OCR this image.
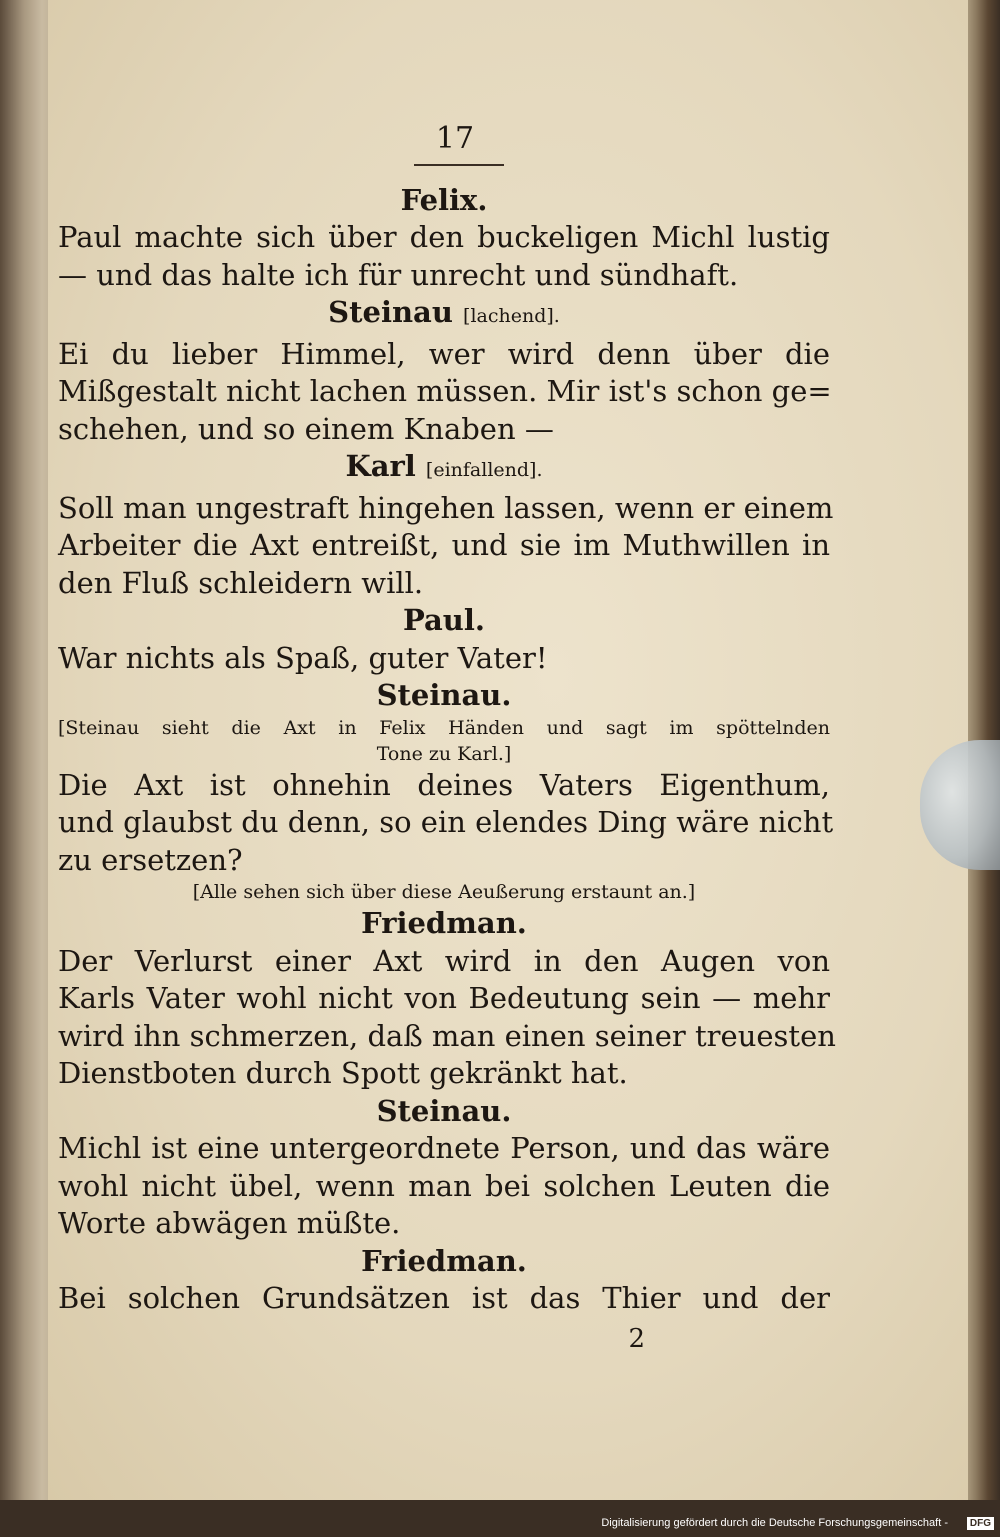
17
Felix.
Paul machte sich über den buckeligen Michl lustig
— und das halte ich für unrecht und sündhaft.
Steinau [lachend].
Ei du lieber Himmel, wer wird denn über die
Mißgestalt nicht lachen müssen. Mir ist's schon ge=
schehen, und so einem Knaben —
Karl [einfallend].
Soll man ungestraft hingehen lassen, wenn er einem
Arbeiter die Axt entreißt, und sie im Muthwillen in
den Fluß schleidern will.
Paul.
War nichts als Spaß, guter Vater!
Steinau.
[Steinau sieht die Axt in Felix Händen und sagt im spöttelnden
Tone zu Karl.]
Die Axt ist ohnehin deines Vaters Eigenthum,
und glaubst du denn, so ein elendes Ding wäre nicht
zu ersetzen?
[Alle sehen sich über diese Aeußerung erstaunt an.]
Friedman.
Der Verlurst einer Axt wird in den Augen von
Karls Vater wohl nicht von Bedeutung sein — mehr
wird ihn schmerzen, daß man einen seiner treuesten
Dienstboten durch Spott gekränkt hat.
Steinau.
Michl ist eine untergeordnete Person, und das wäre
wohl nicht übel, wenn man bei solchen Leuten die
Worte abwägen müßte.
Friedman.
Bei solchen Grundsätzen ist das Thier und der
2
Digitalisierung gefördert durch die Deutsche Forschungsgemeinschaft -	DFG
